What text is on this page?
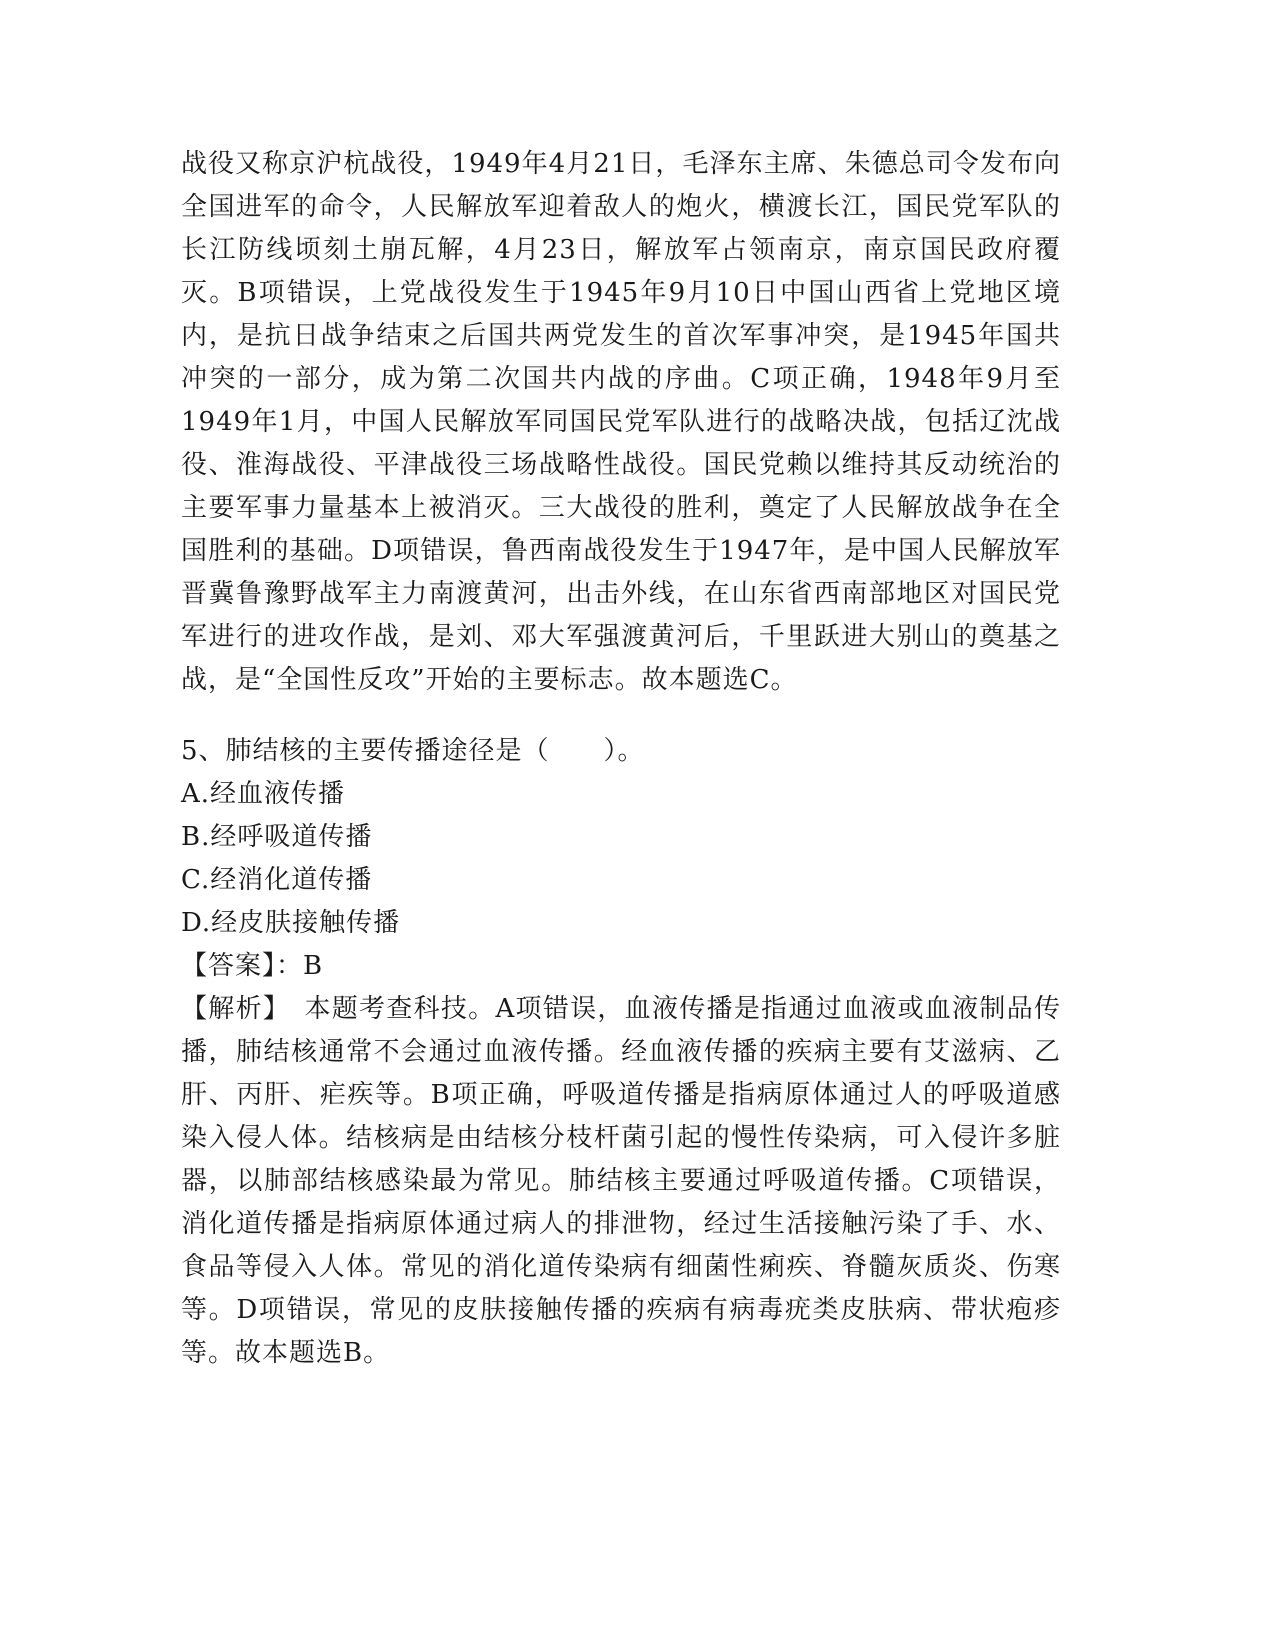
战役又称京沪杭战役，1949年4月21日，毛泽东主席、朱德总司令发布向全国进军的命令，人民解放军迎着敌人的炮火，横渡长江，国民党军队的长江防线顷刻土崩瓦解，4月23日，解放军占领南京，南京国民政府覆灭。B项错误，上党战役发生于1945年9月10日中国山西省上党地区境内，是抗日战争结束之后国共两党发生的首次军事冲突，是1945年国共冲突的一部分，成为第二次国共内战的序曲。C项正确，1948年9月至1949年1月，中国人民解放军同国民党军队进行的战略决战，包括辽沈战役、淮海战役、平津战役三场战略性战役。国民党赖以维持其反动统治的主要军事力量基本上被消灭。三大战役的胜利，奠定了人民解放战争在全国胜利的基础。D项错误，鲁西南战役发生于1947年，是中国人民解放军晋冀鲁豫野战军主力南渡黄河，出击外线，在山东省西南部地区对国民党军进行的进攻作战，是刘、邓大军强渡黄河后，千里跃进大别山的奠基之战，是“全国性反攻”开始的主要标志。故本题选C。

5、肺结核的主要传播途径是（　　）。

A.经血液传播

B.经呼吸道传播

C.经消化道传播

D.经皮肤接触传播

【答案】：B

【解析】　本题考查科技。A项错误，血液传播是指通过血液或血液制品传播，肺结核通常不会通过血液传播。经血液传播的疾病主要有艾滋病、乙肝、丙肝、疟疾等。B项正确，呼吸道传播是指病原体通过人的呼吸道感染入侵人体。结核病是由结核分枝杆菌引起的慢性传染病，可入侵许多脏器，以肺部结核感染最为常见。肺结核主要通过呼吸道传播。C项错误，消化道传播是指病原体通过病人的排泄物，经过生活接触污染了手、水、食品等侵入人体。常见的消化道传染病有细菌性痢疾、脊髓灰质炎、伤寒等。D项错误，常见的皮肤接触传播的疾病有病毒疣类皮肤病、带状疱疹等。故本题选B。
